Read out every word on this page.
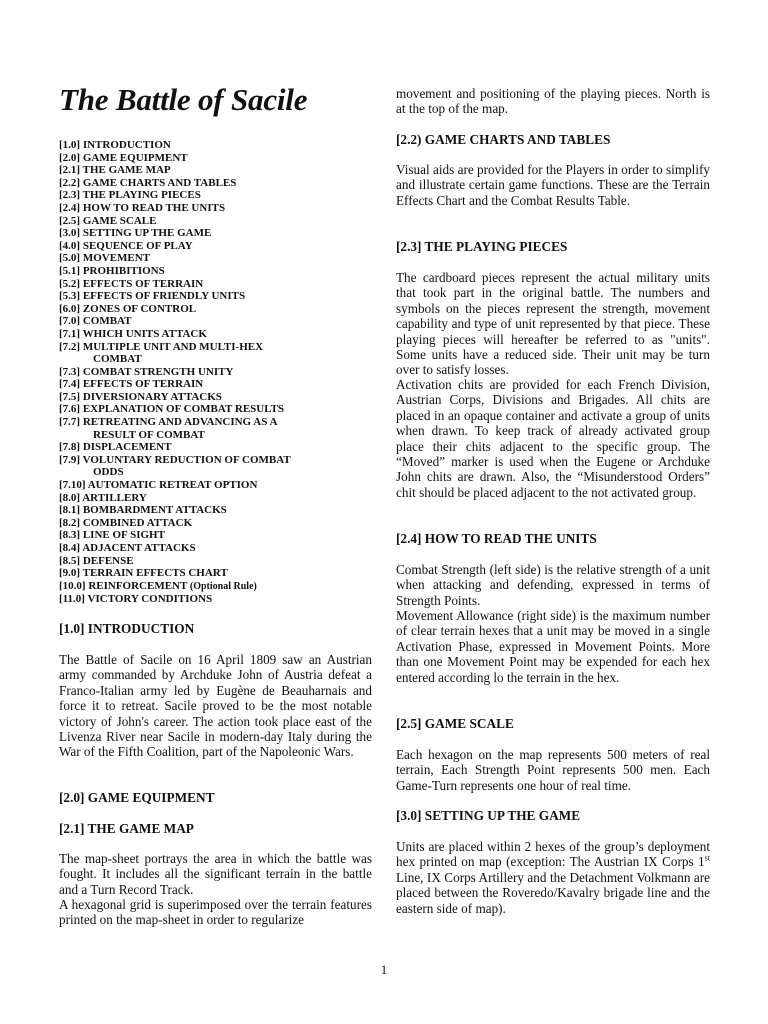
The Battle of Sacile
[1.0] INTRODUCTION
[2.0] GAME EQUIPMENT
[2.1] THE GAME MAP
[2.2] GAME CHARTS AND TABLES
[2.3] THE PLAYING PIECES
[2.4] HOW TO READ THE UNITS
[2.5] GAME SCALE
[3.0] SETTING UP THE GAME
[4.0] SEQUENCE OF PLAY
[5.0] MOVEMENT
[5.1] PROHIBITIONS
[5.2] EFFECTS OF TERRAIN
[5.3] EFFECTS OF FRIENDLY UNITS
[6.0] ZONES OF CONTROL
[7.0] COMBAT
[7.1] WHICH UNITS ATTACK
[7.2] MULTIPLE UNIT AND MULTI-HEX
COMBAT
[7.3] COMBAT STRENGTH UNITY
[7.4] EFFECTS OF TERRAIN
[7.5] DIVERSIONARY ATTACKS
[7.6] EXPLANATION OF COMBAT RESULTS
[7.7] RETREATING AND ADVANCING AS A
RESULT OF COMBAT
[7.8] DISPLACEMENT
[7.9] VOLUNTARY REDUCTION OF COMBAT
ODDS
[7.10] AUTOMATIC RETREAT OPTION
[8.0] ARTILLERY
[8.1] BOMBARDMENT ATTACKS
[8.2] COMBINED ATTACK
[8.3] LINE OF SIGHT
[8.4] ADJACENT ATTACKS
[8.5] DEFENSE
[9.0] TERRAIN EFFECTS CHART
[10.0] REINFORCEMENT (Optional Rule)
[11.0] VICTORY CONDITIONS
[1.0] INTRODUCTION

The Battle of Sacile on 16 April 1809 saw an Austrian army commanded by Archduke John of Austria defeat a Franco-Italian army led by Eugène de Beauharnais and force it to retreat. Sacile proved to be the most notable victory of John's career. The action took place east of the Livenza River near Sacile in modern-day Italy during the War of the Fifth Coalition, part of the Napoleonic Wars.

[2.0] GAME EQUIPMENT
[2.1] THE GAME MAP

The map-sheet portrays the area in which the battle was fought. It includes all the significant terrain in the battle and a Turn Record Track.

A hexagonal grid is superimposed over the terrain features printed on the map-sheet in order to regularize

movement and positioning of the playing pieces. North is at the top of the map.

[2.2) GAME CHARTS AND TABLES

Visual aids are provided for the Players in order to simplify and illustrate certain game functions. These are the Terrain Effects Chart and the Combat Results Table.

[2.3] THE PLAYING PIECES

The cardboard pieces represent the actual military units that took part in the original battle. The numbers and symbols on the pieces represent the strength, movement capability and type of unit represented by that piece. These playing pieces will hereafter be referred to as "units". Some units have a reduced side. Their unit may be turn over to satisfy losses.

Activation chits are provided for each French Division, Austrian Corps, Divisions and Brigades. All chits are placed in an opaque container and activate a group of units when drawn. To keep track of already activated group place their chits adjacent to the specific group. The “Moved” marker is used when the Eugene or Archduke John chits are drawn. Also, the “Misunderstood Orders” chit should be placed adjacent to the not activated group.

[2.4] HOW TO READ THE UNITS

Combat Strength (left side) is the relative strength of a unit when attacking and defending, expressed in terms of Strength Points.

Movement Allowance (right side) is the maximum number of clear terrain hexes that a unit may be moved in a single Activation Phase, expressed in Movement Points. More than one Movement Point may be expended for each hex entered according lo the terrain in the hex.

[2.5] GAME SCALE

Each hexagon on the map represents 500 meters of real terrain, Each Strength Point represents 500 men. Each Game-Turn represents one hour of real time.

[3.0] SETTING UP THE GAME

Units are placed within 2 hexes of the group’s deployment hex printed on map (exception: The Austrian IX Corps 1st Line, IX Corps Artillery and the Detachment Volkmann are placed between the Roveredo/Kavalry brigade line and the eastern side of map).

1
